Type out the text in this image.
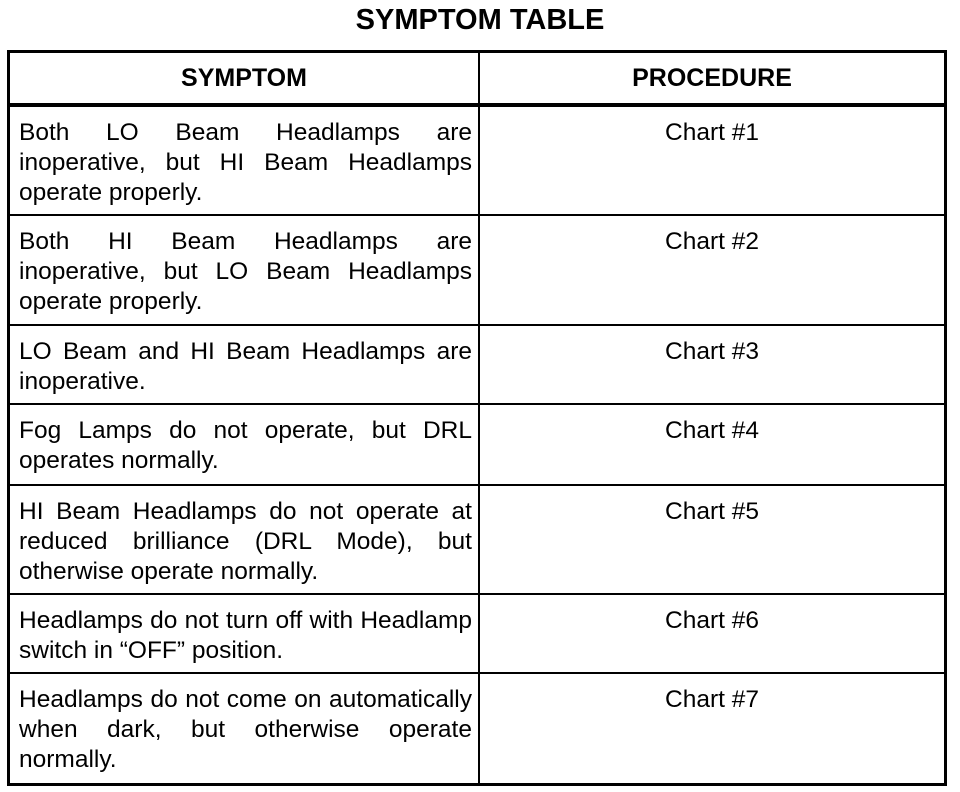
SYMPTOM TABLE
SYMPTOM	PROCEDURE
Both LO Beam Headlamps are inoperative, but HI Beam Headlamps operate properly.	Chart #1
Both HI Beam Headlamps are inoperative, but LO Beam Headlamps operate properly.	Chart #2
LO Beam and HI Beam Headlamps are inoperative.	Chart #3
Fog Lamps do not operate, but DRL operates normally.	Chart #4
HI Beam Headlamps do not operate at reduced brilliance (DRL Mode), but otherwise operate normally.	Chart #5
Headlamps do not turn off with Headlamp switch in “OFF” position.	Chart #6
Headlamps do not come on automatically when dark, but otherwise operate normally.	Chart #7
